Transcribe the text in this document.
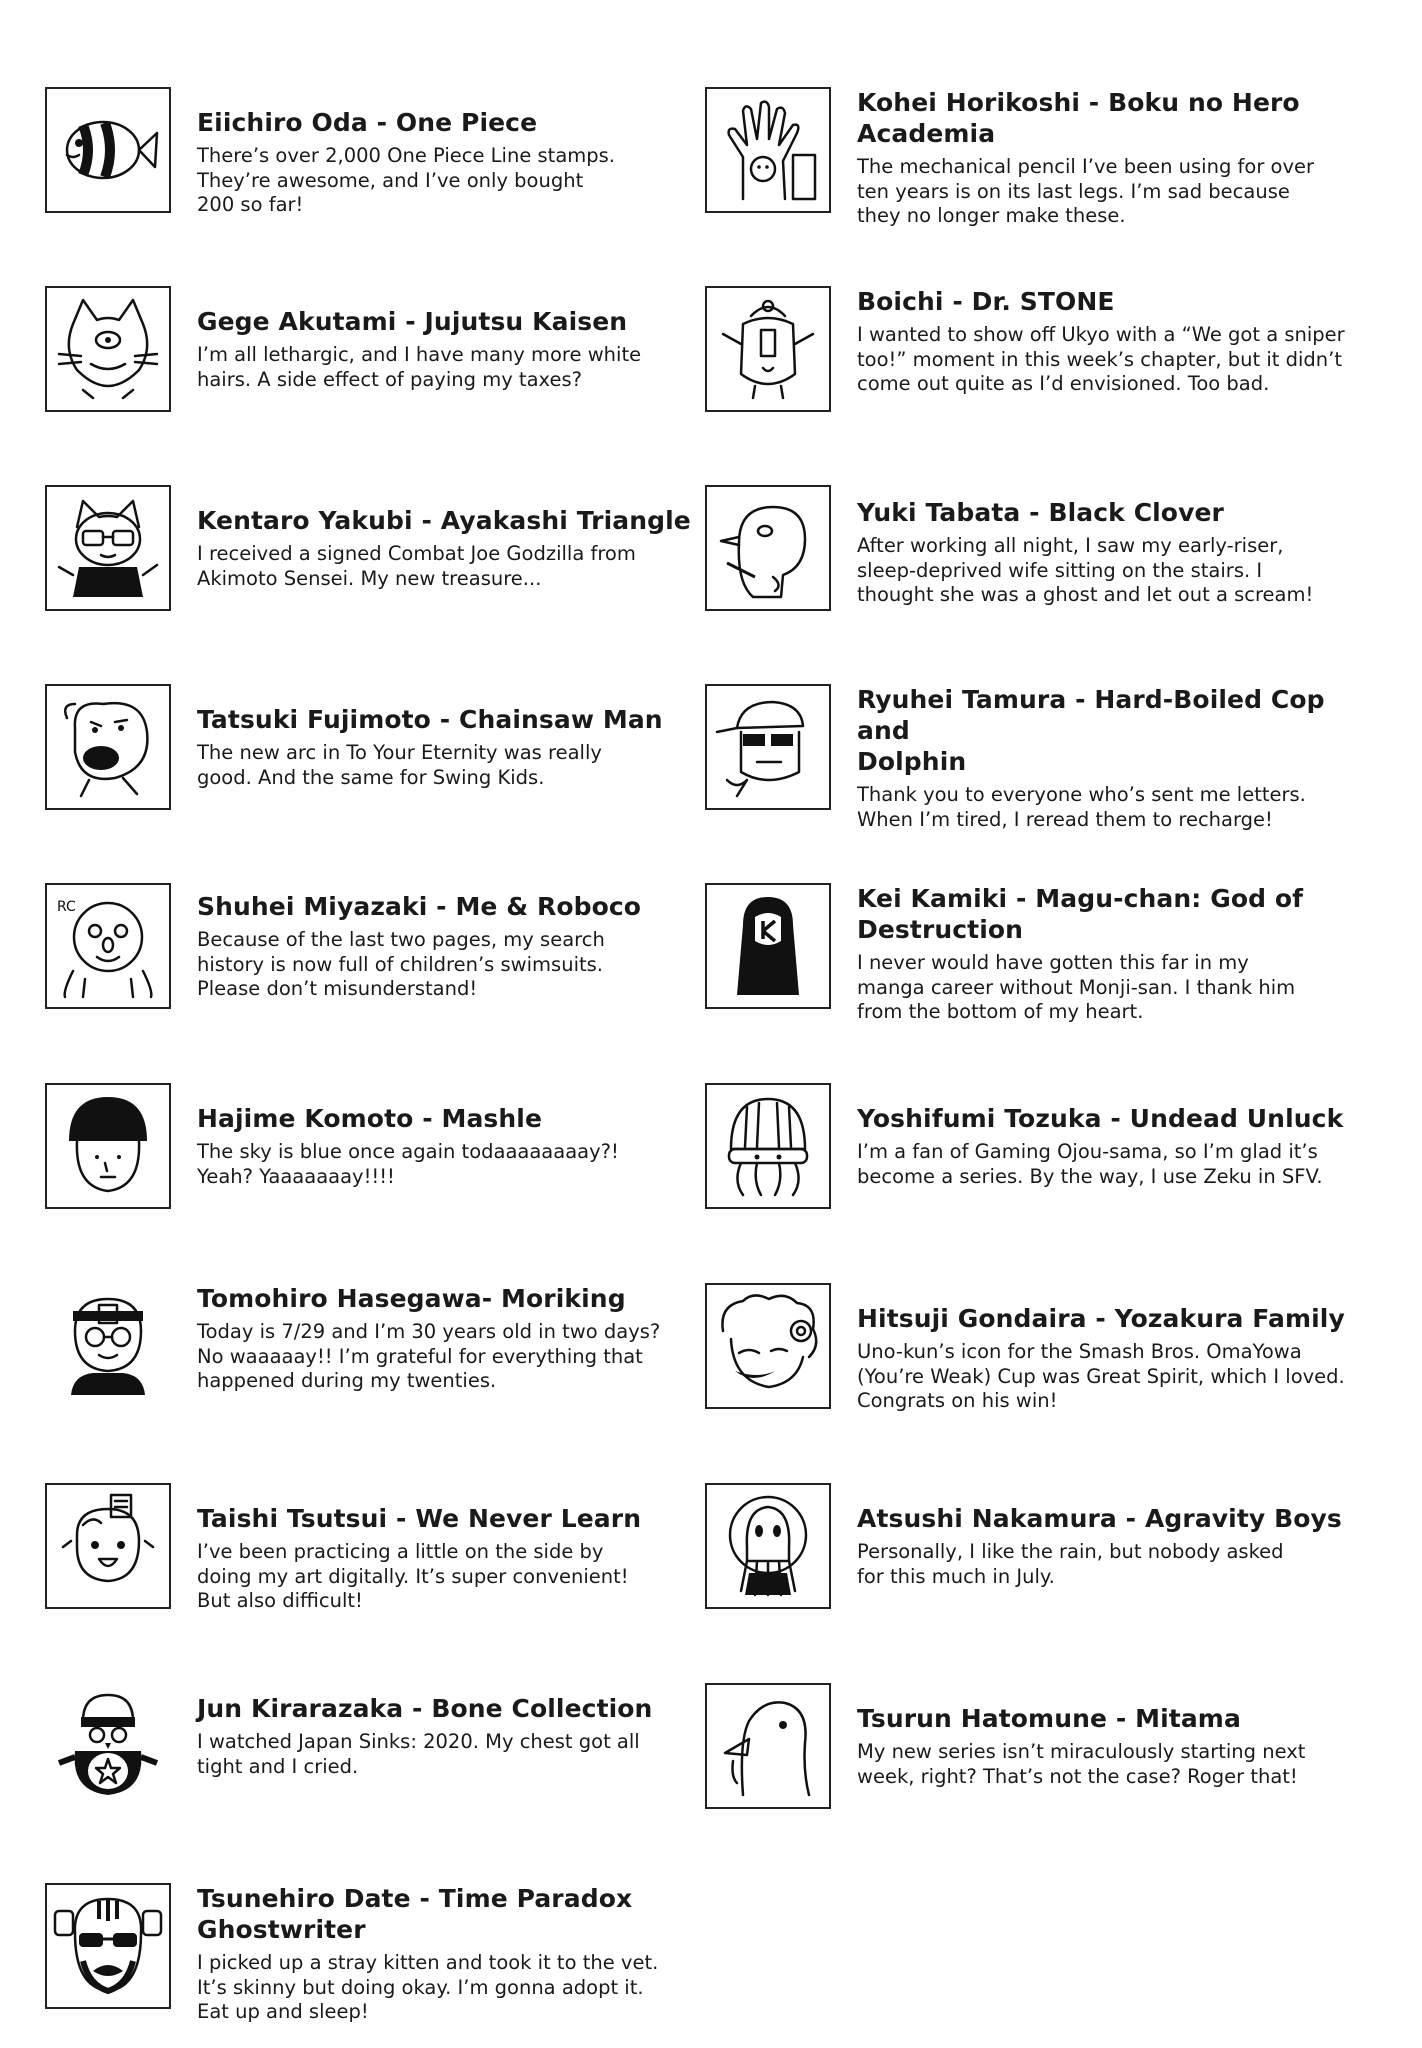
Eiichiro Oda - One Piece
There’s over 2,000 One Piece Line stamps.
They’re awesome, and I’ve only bought
200 so far!
Kohei Horikoshi - Boku no Hero
Academia
The mechanical pencil I’ve been using for over
ten years is on its last legs. I’m sad because
they no longer make these.
Gege Akutami - Jujutsu Kaisen
I’m all lethargic, and I have many more white
hairs. A side effect of paying my taxes?
Boichi - Dr. STONE
I wanted to show off Ukyo with a “We got a sniper
too!” moment in this week’s chapter, but it didn’t
come out quite as I’d envisioned. Too bad.
Kentaro Yakubi - Ayakashi Triangle
I received a signed Combat Joe Godzilla from
Akimoto Sensei. My new treasure...
Yuki Tabata - Black Clover
After working all night, I saw my early-riser,
sleep-deprived wife sitting on the stairs. I
thought she was a ghost and let out a scream!
Tatsuki Fujimoto - Chainsaw Man
The new arc in To Your Eternity was really
good. And the same for Swing Kids.
Ryuhei Tamura - Hard-Boiled Cop and
Dolphin
Thank you to everyone who’s sent me letters.
When I’m tired, I reread them to recharge!
RC	Shuhei Miyazaki - Me & Roboco
Because of the last two pages, my search
history is now full of children’s swimsuits.
Please don’t misunderstand!
Kei Kamiki - Magu-chan: God of
Destruction
I never would have gotten this far in my
manga career without Monji-san. I thank him
from the bottom of my heart.
Hajime Komoto - Mashle
The sky is blue once again todaaaaaaaay?!
Yeah? Yaaaaaaay!!!!
Yoshifumi Tozuka - Undead Unluck
I’m a fan of Gaming Ojou-sama, so I’m glad it’s
become a series. By the way, I use Zeku in SFV.
Tomohiro Hasegawa- Moriking
Today is 7/29 and I’m 30 years old in two days?
No waaaaay!! I’m grateful for everything that
happened during my twenties.
Hitsuji Gondaira - Yozakura Family
Uno-kun’s icon for the Smash Bros. OmaYowa
(You’re Weak) Cup was Great Spirit, which I loved.
Congrats on his win!
Taishi Tsutsui - We Never Learn
I’ve been practicing a little on the side by
doing my art digitally. It’s super convenient!
But also difficult!
Atsushi Nakamura - Agravity Boys
Personally, I like the rain, but nobody asked
for this much in July.
Jun Kirarazaka - Bone Collection
I watched Japan Sinks: 2020. My chest got all
tight and I cried.
Tsurun Hatomune - Mitama
My new series isn’t miraculously starting next
week, right? That’s not the case? Roger that!
Tsunehiro Date - Time Paradox
Ghostwriter
I picked up a stray kitten and took it to the vet.
It’s skinny but doing okay. I’m gonna adopt it.
Eat up and sleep!
